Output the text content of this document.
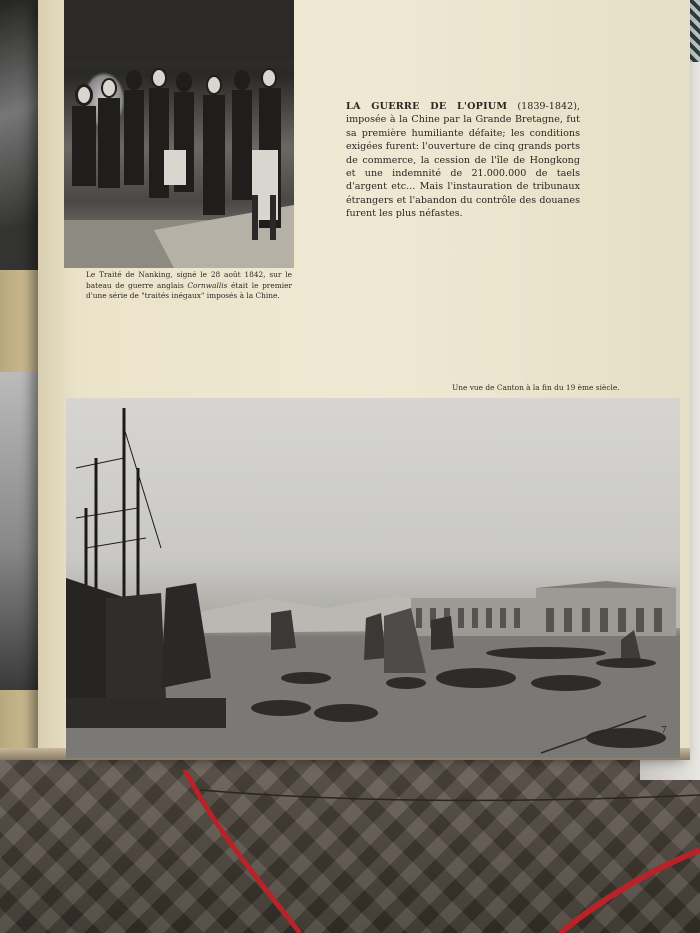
Le Traité de Nanking, signé le 28 août 1842, sur le bateau de guerre anglais Cornwallis était le premier d'une série de "traités inégaux" imposés à la Chine.
LA GUERRE DE L'OPIUM (1839-1842), imposée à la Chine par la Grande Bretagne, fut sa première humiliante défaite; les conditions exigées furent: l'ouverture de cinq grands ports de commerce, la cession de l'île de Hongkong et une indemnité de 21.000.000 de taels d'argent etc... Mais l'instauration de tribunaux étrangers et l'abandon du contrôle des douanes furent les plus néfastes.
Une vue de Canton à la fin du 19 ème siècle.
7
